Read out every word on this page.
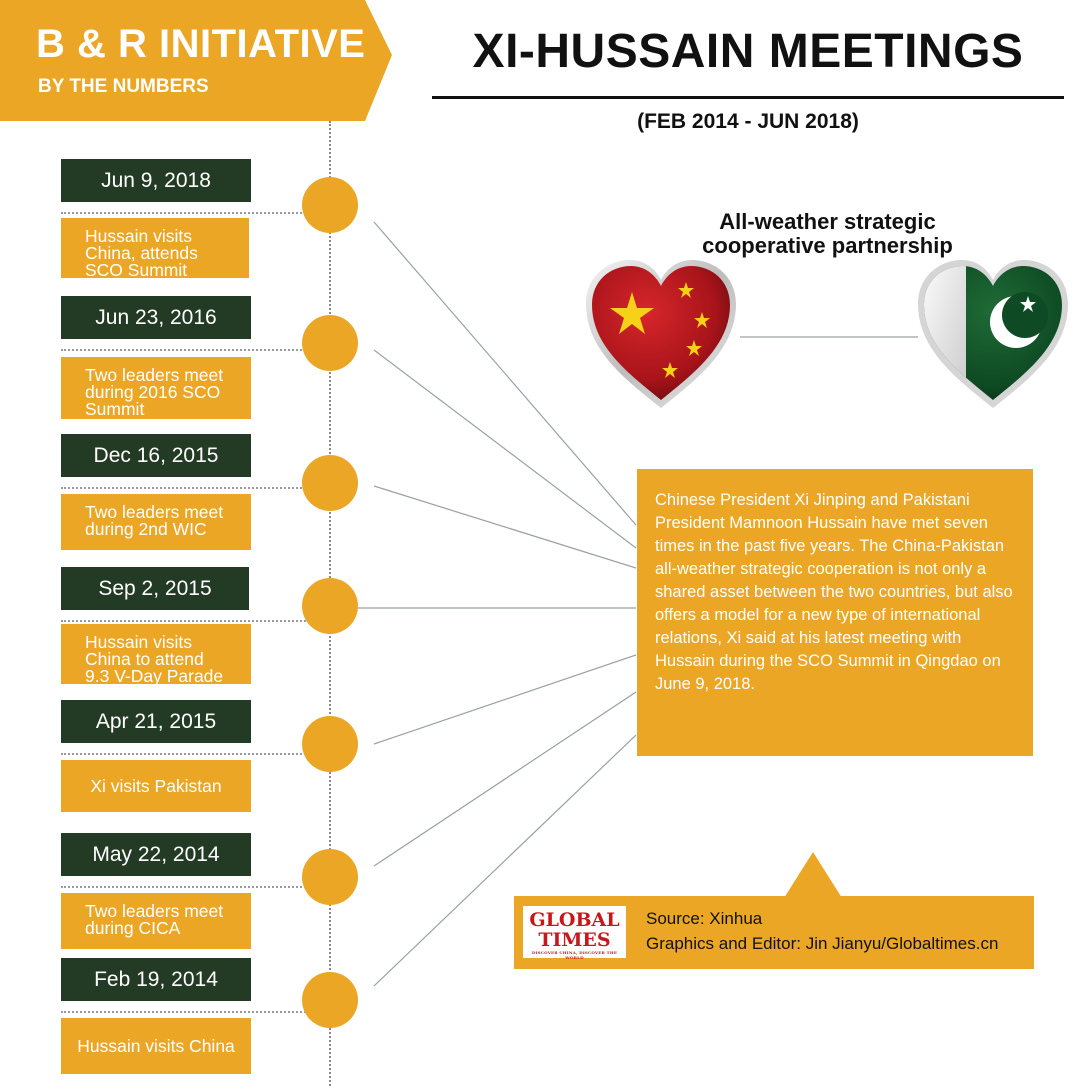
B & R INITIATIVE
BY THE NUMBERS
XI-HUSSAIN MEETINGS
(FEB 2014 - JUN 2018)
Jun 9, 2018
Hussain visits
China, attends
SCO Summit
Jun 23, 2016
Two leaders meet
during 2016 SCO
Summit
Dec 16, 2015
Two leaders meet
during 2nd WIC
Sep 2, 2015
Hussain visits
China to attend
9.3 V-Day Parade
Apr 21, 2015
Xi visits Pakistan
May 22, 2014
Two leaders meet
during CICA
Feb 19, 2014
Hussain visits China
All-weather strategic
cooperative partnership
Chinese President Xi Jinping and Pakistani President Mamnoon Hussain have met seven times in the past five years. The China-Pakistan all-weather strategic cooperation is not only a shared asset between the two countries, but also offers a model for a new type of international relations, Xi said at his latest meeting with Hussain during the SCO Summit in Qingdao on June 9, 2018.
GLOBAL
TIMES
DISCOVER CHINA, DISCOVER THE WORLD
Source: Xinhua
Graphics and Editor: Jin Jianyu/Globaltimes.cn
